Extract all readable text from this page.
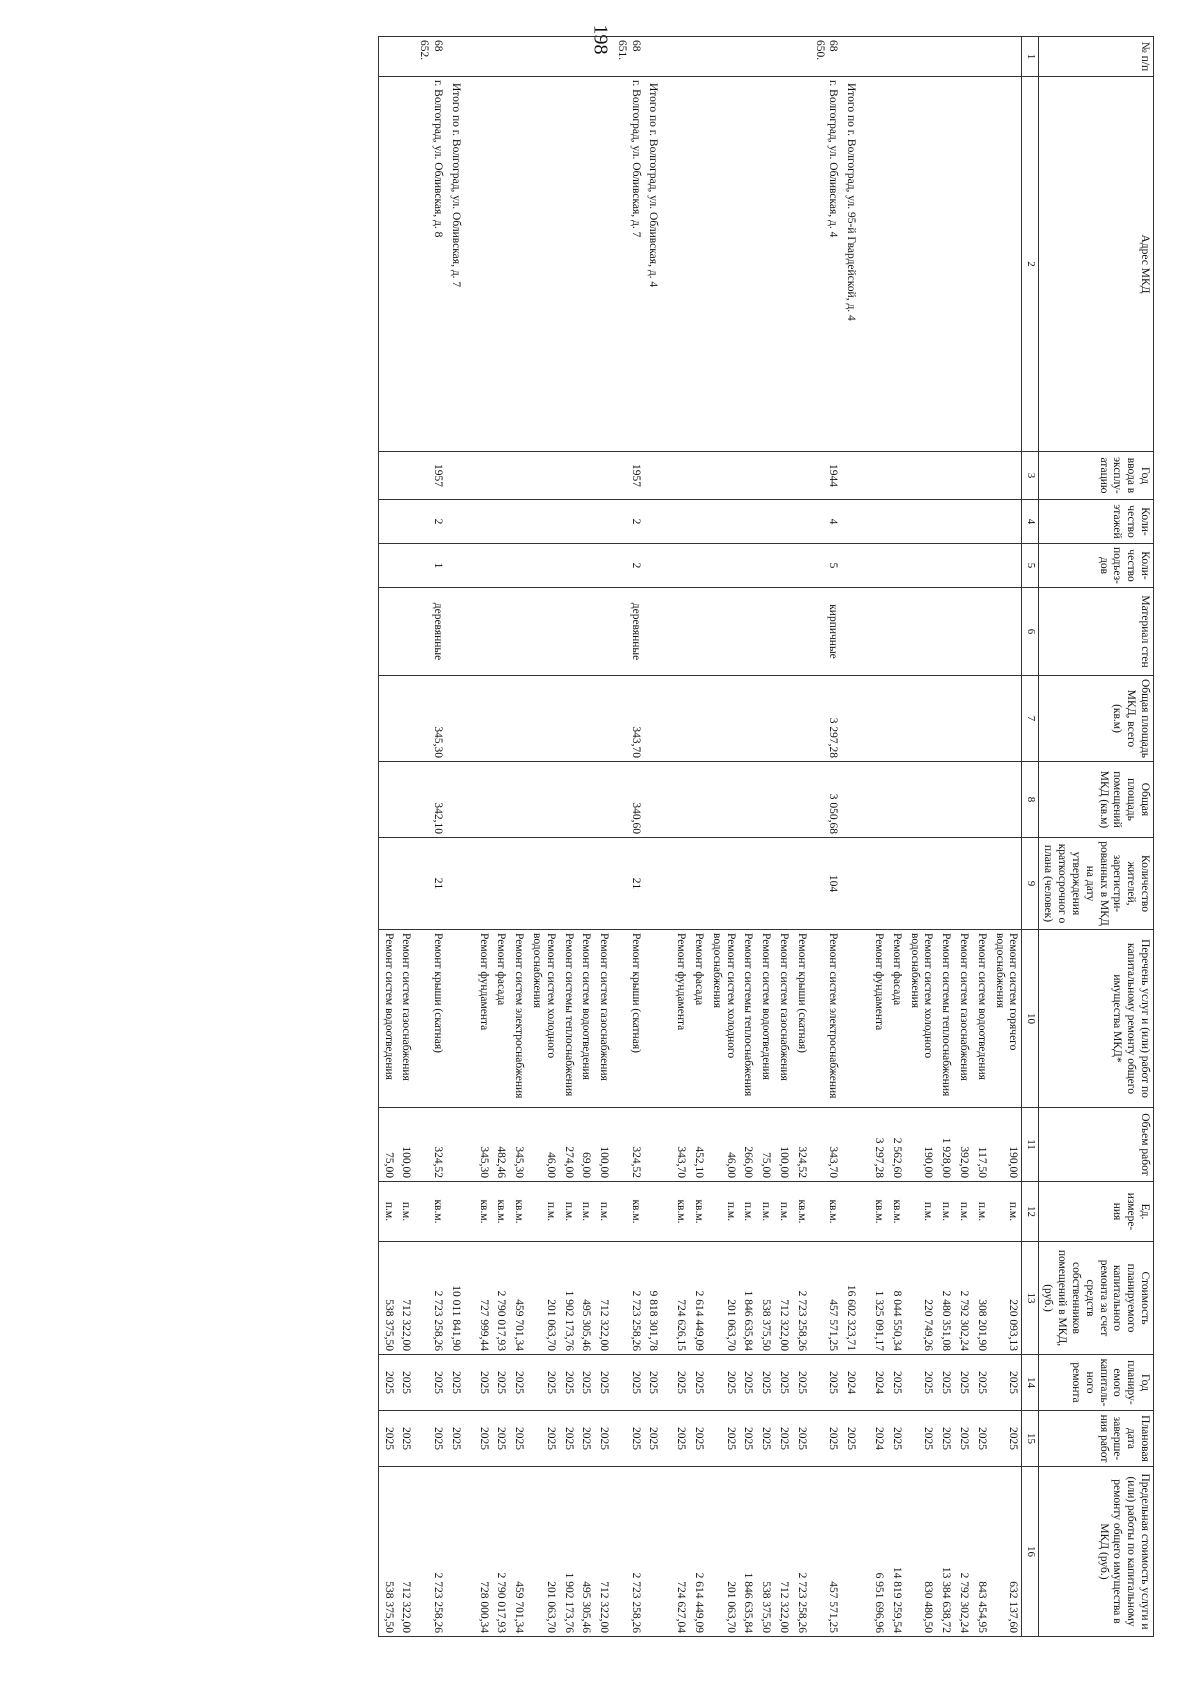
198
№ п/п	Адрес МКД	Год ввода в эксплу-атацию	Коли-чество этажей	Коли-чество подъез-дов	Материал стен	Общая площадь МКД, всего (кв.м)	Общая площадь помещений МКД (кв.м)	Количество жителей, зарегистри-рованных в МКД на дату утверждения краткосрочног о плана (человек)	Перечень услуг и (или) работ по капитальному ремонту общего имущества МКД*	Объем работ	Ед. измере-ния	Стоимость планируемого капитального ремонта за счет средств собственников помещений в МКД, (руб.)	Год планиру-емого капиталь-ного ремонта	Плановая дата заверше-ния работ	Предельная стоимость услуги и (или) работы по капитальному ремонту общего имущества в МКД (руб.)
1	2	3	4	5	6	7	8	9	10	11	12	13	14	15	16
									Ремонт систем горячего водоснабжения	190,00	п.м.	220 093,13	2025	2025	632 137,60
									Ремонт систем водоотведения	117,50	п.м.	308 201,90	2025	2025	843 454,95
									Ремонт систем газоснабжения	392,00	п.м.	2 792 302,24	2025	2025	2 792 302,24
									Ремонт системы теплоснабжения	1 928,00	п.м.	2 480 351,08	2025	2025	13 384 638,72
									Ремонт систем холодного водоснабжения	190,00	п.м.	220 749,26	2025	2025	830 480,50
									Ремонт фасада	2 562,60	кв.м.	8 044 550,34	2025	2025	14 819 259,54
									Ремонт фундамента	3 297,28	кв.м.	1 325 091,17	2024	2024	6 951 696,96
	Итого по г. Волгоград, ул. 95-й Гвардейской, д. 4											16 602 323,71	2024	2025	
68 650.	г. Волгоград, ул. Обливская, д. 4	1944	4	5	кирпичные	3 297,28	3 050,68	104	Ремонт систем электроснабжения	343,70	кв.м.	457 571,25	2025	2025	457 571,25
									Ремонт крыши (скатная)	324,52	кв.м.	2 723 258,26	2025	2025	2 723 258,26
									Ремонт систем газоснабжения	100,00	п.м.	712 322,00	2025	2025	712 322,00
									Ремонт систем водоотведения	75,00	п.м.	538 375,50	2025	2025	538 375,50
									Ремонт системы теплоснабжения	266,00	п.м.	1 846 635,84	2025	2025	1 846 635,84
									Ремонт систем холодного водоснабжения	46,00	п.м.	201 063,70	2025	2025	201 063,70
									Ремонт фасада	452,10	кв.м.	2 614 449,09	2025	2025	2 614 449,09
									Ремонт фундамента	343,70	кв.м.	724 626,15	2025	2025	724 627,04
	Итого по г. Волгоград, ул. Обливская, д. 4											9 818 301,78	2025	2025	
68 651.	г. Волгоград, ул. Обливская, д. 7	1957	2	2	деревянные	343,70	340,60	21	Ремонт крыши (скатная)	324,52	кв.м.	2 723 258,26	2025	2025	2 723 258,26
									Ремонт систем газоснабжения	100,00	п.м.	712 322,00	2025	2025	712 322,00
									Ремонт систем водоотведения	69,00	п.м.	495 305,46	2025	2025	495 305,46
									Ремонт системы теплоснабжения	274,00	п.м.	1 902 173,76	2025	2025	1 902 173,76
									Ремонт систем холодного водоснабжения	46,00	п.м.	201 063,70	2025	2025	201 063,70
									Ремонт систем электроснабжения	345,30	кв.м.	459 701,34	2025	2025	459 701,34
									Ремонт фасада	482,46	кв.м.	2 790 017,93	2025	2025	2 790 017,93
									Ремонт фундамента	345,30	кв.м.	727 999,44	2025	2025	728 000,34
	Итого по г. Волгоград, ул. Обливская, д. 7											10 011 841,90	2025	2025	
68 652.	г. Волгоград, ул. Обливская, д. 8	1957	2	1	деревянные	345,30	342,10	21	Ремонт крыши (скатная)	324,52	кв.м.	2 723 258,26	2025	2025	2 723 258,26
									Ремонт систем газоснабжения	100,00	п.м.	712 322,00	2025	2025	712 322,00
									Ремонт систем водоотведения	75,00	п.м.	538 375,50	2025	2025	538 375,50
